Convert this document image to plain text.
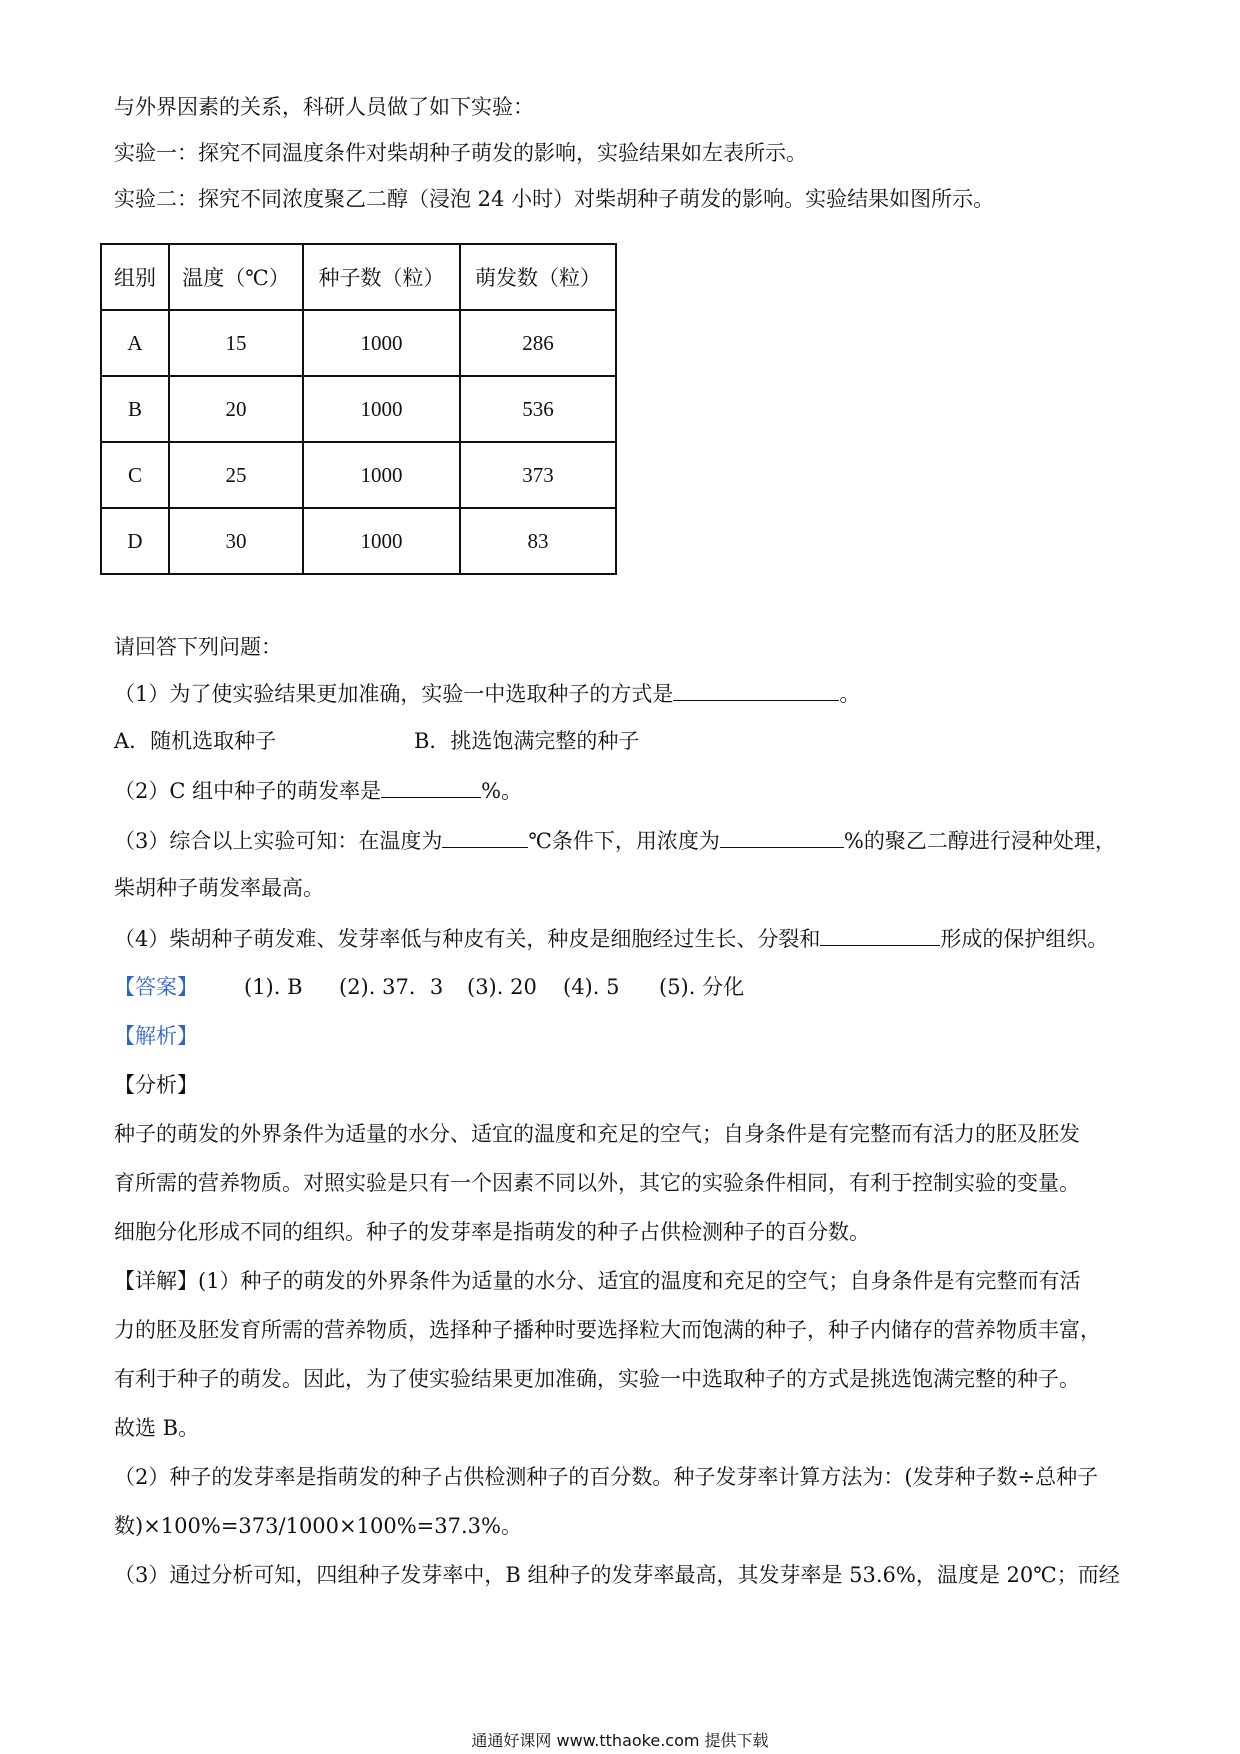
与外界因素的关系，科研人员做了如下实验：
实验一：探究不同温度条件对柴胡种子萌发的影响，实验结果如左表所示。
实验二：探究不同浓度聚乙二醇（浸泡 24 小时）对柴胡种子萌发的影响。实验结果如图所示。
组别	温度（℃）	种子数（粒）	萌发数（粒）
A	15	1000	286
B	20	1000	536
C	25	1000	373
D	30	1000	83
请回答下列问题：
（1）为了使实验结果更加准确，实验一中选取种子的方式是	。
A．随机选取种子	B．挑选饱满完整的种子
（2）C 组中种子的萌发率是	%。
（3）综合以上实验可知：在温度为	℃条件下，用浓度为	%的聚乙二醇进行浸种处理，
柴胡种子萌发率最高。
（4）柴胡种子萌发难、发芽率低与种皮有关，种皮是细胞经过生长、分裂和	形成的保护组织。
【答案】 (1). B (2). 37．3 (3). 20 (4). 5 (5). 分化
【解析】
【分析】
种子的萌发的外界条件为适量的水分、适宜的温度和充足的空气；自身条件是有完整而有活力的胚及胚发
育所需的营养物质。对照实验是只有一个因素不同以外，其它的实验条件相同，有利于控制实验的变量。
细胞分化形成不同的组织。种子的发芽率是指萌发的种子占供检测种子的百分数。
【详解】(1）种子的萌发的外界条件为适量的水分、适宜的温度和充足的空气；自身条件是有完整而有活
力的胚及胚发育所需的营养物质，选择种子播种时要选择粒大而饱满的种子，种子内储存的营养物质丰富，
有利于种子的萌发。因此，为了使实验结果更加准确，实验一中选取种子的方式是挑选饱满完整的种子。
故选 B。
（2）种子的发芽率是指萌发的种子占供检测种子的百分数。种子发芽率计算方法为：(发芽种子数÷总种子
数)×100%=373/1000×100%=37.3%。
（3）通过分析可知，四组种子发芽率中，B 组种子的发芽率最高，其发芽率是 53.6%，温度是 20℃；而经
通通好课网 www.tthaoke.com 提供下载
